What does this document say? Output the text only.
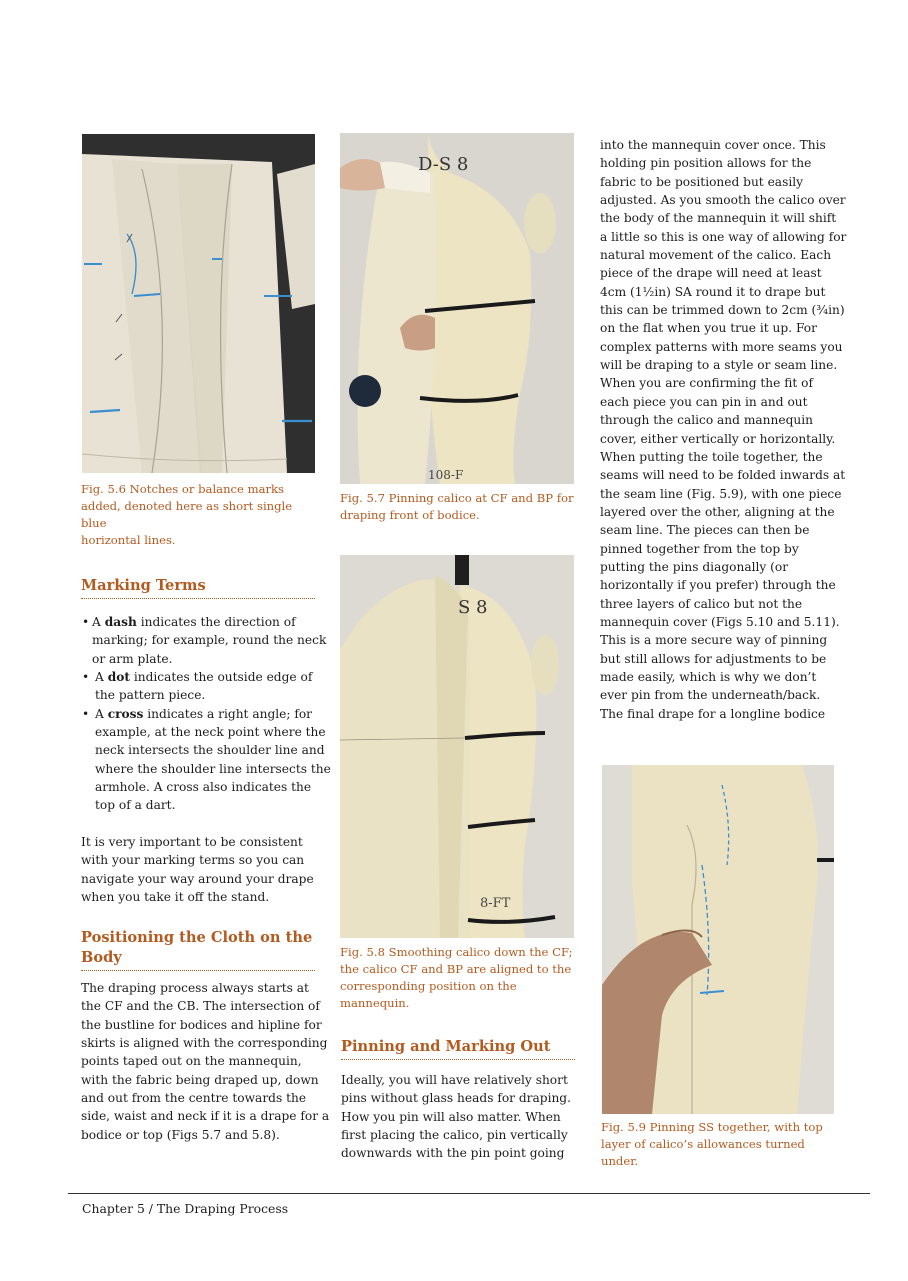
Fig. 5.6 Notches or balance marks
added, denoted here as short single blue
horizontal lines.
D-S 8
108-F
Fig. 5.7 Pinning calico at CF and BP for
draping front of bodice.
S 8
8-FT
Fig. 5.8 Smoothing calico down the CF;
the calico CF and BP are aligned to the
corresponding position on the
mannequin.
Fig. 5.9 Pinning SS together, with top
layer of calico’s allowances turned
under.
Marking Terms
• A dash indicates the direction of
marking; for example, round the neck
or arm plate.
• A dot indicates the outside edge of
the pattern piece.
• A cross indicates a right angle; for
example, at the neck point where the
neck intersects the shoulder line and
where the shoulder line intersects the
armhole. A cross also indicates the
top of a dart.
It is very important to be consistent
with your marking terms so you can
navigate your way around your drape
when you take it off the stand.
Positioning the Cloth on the
Body
The draping process always starts at
the CF and the CB. The intersection of
the bustline for bodices and hipline for
skirts is aligned with the corresponding
points taped out on the mannequin,
with the fabric being draped up, down
and out from the centre towards the
side, waist and neck if it is a drape for a
bodice or top (Figs 5.7 and 5.8).
Pinning and Marking Out
Ideally, you will have relatively short
pins without glass heads for draping.
How you pin will also matter. When
first placing the calico, pin vertically
downwards with the pin point going
into the mannequin cover once. This
holding pin position allows for the
fabric to be positioned but easily
adjusted. As you smooth the calico over
the body of the mannequin it will shift
a little so this is one way of allowing for
natural movement of the calico. Each
piece of the drape will need at least
4cm (1½in) SA round it to drape but
this can be trimmed down to 2cm (¾in)
on the flat when you true it up. For
complex patterns with more seams you
will be draping to a style or seam line.
When you are confirming the fit of
each piece you can pin in and out
through the calico and mannequin
cover, either vertically or horizontally.
When putting the toile together, the
seams will need to be folded inwards at
the seam line (Fig. 5.9), with one piece
layered over the other, aligning at the
seam line. The pieces can then be
pinned together from the top by
putting the pins diagonally (or
horizontally if you prefer) through the
three layers of calico but not the
mannequin cover (Figs 5.10 and 5.11).
This is a more secure way of pinning
but still allows for adjustments to be
made easily, which is why we don’t
ever pin from the underneath/back.
The final drape for a longline bodice
Chapter 5 / The Draping Process
